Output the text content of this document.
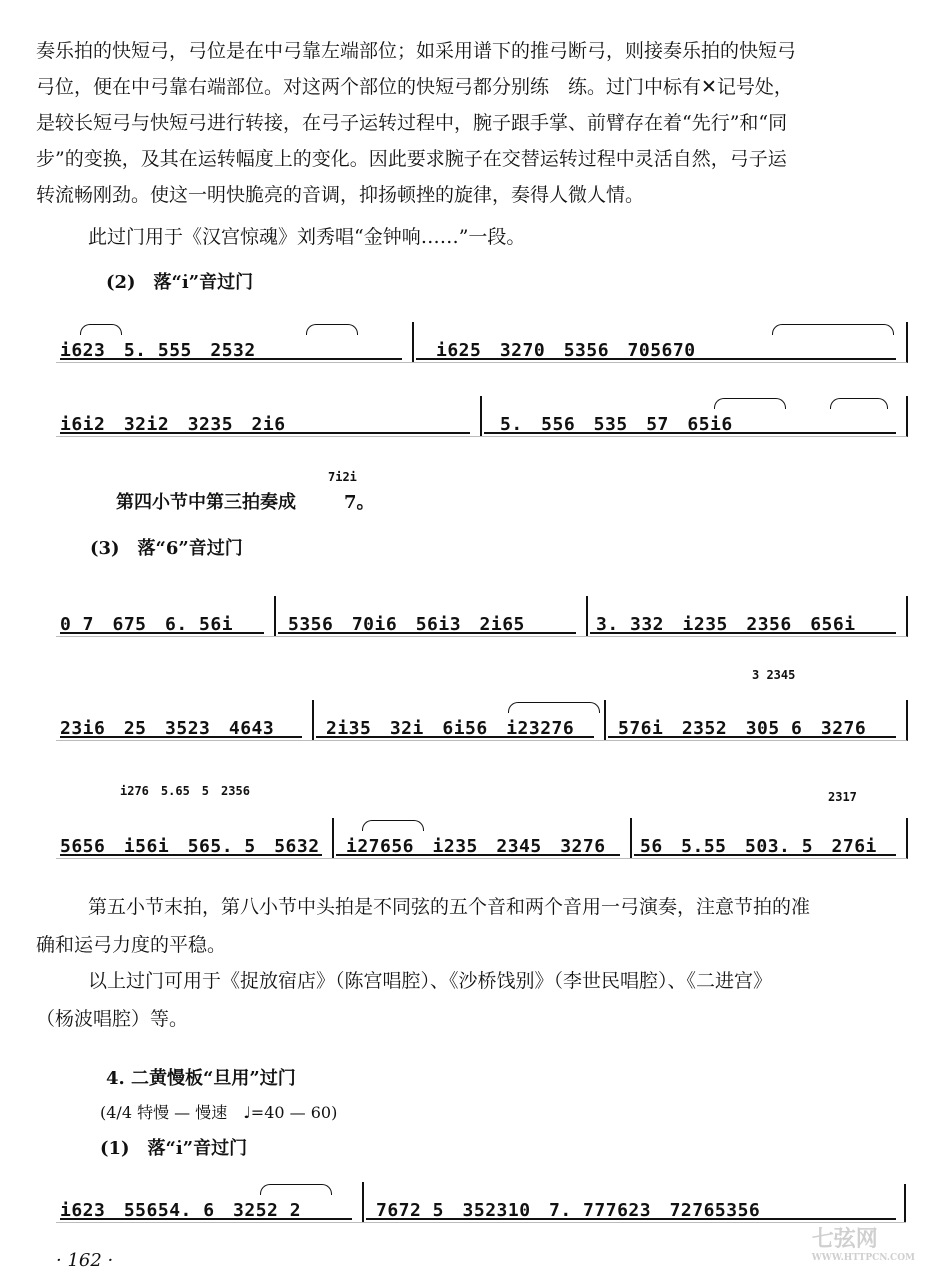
奏乐拍的快短弓，弓位是在中弓靠左端部位；如采用谱下的推弓断弓，则接奏乐拍的快短弓
弓位，便在中弓靠右端部位。对这两个部位的快短弓都分别练　练。过门中标有✕记号处，
是较长短弓与快短弓进行转接，在弓子运转过程中，腕子跟手掌、前臂存在着“先行”和“同
步”的变换，及其在运转幅度上的变化。因此要求腕子在交替运转过程中灵活自然，弓子运
转流畅刚劲。使这一明快脆亮的音调，抑扬顿挫的旋律，奏得人微人情。
此过门用于《汉宫惊魂》刘秀唱“金钟响……”一段。
(2)　落“i̇”音过门
i623　5. 555　2532	i625　3270　5356　705670
i6i2　32i2　3235　2i6	5.　556　535　57　65i6
第四小节中第三拍奏成
7i2i
7。
(3)　落“6”音过门
0 7　675　6. 56i	5356　70i6　56i3　2i65	3. 332　i235　2356　656i
3 2345
23i6　25　3523　4643	2i35　32i　6i56　i23276 576i　2352　305 6　3276
i276　5.65　5　2356	2317
5656　i56i　565. 5　5632 i27656　i235　2345　3276 56　5.55　503. 5　276i
第五小节末拍，第八小节中头拍是不同弦的五个音和两个音用一弓演奏，注意节拍的准
确和运弓力度的平稳。
以上过门可用于《捉放宿店》（陈宫唱腔）、《沙桥饯别》（李世民唱腔）、《二进宫》
（杨波唱腔）等。
4. 二黄慢板“旦用”过门
(4/4 特慢 — 慢速　♩=40 — 60)
(1)　落“i̇”音过门
i623　55654. 6　3252 2	7672 5　352310　7. 777623　72765356
· 162 ·
七弦网
WWW.HTTPCN.COM
